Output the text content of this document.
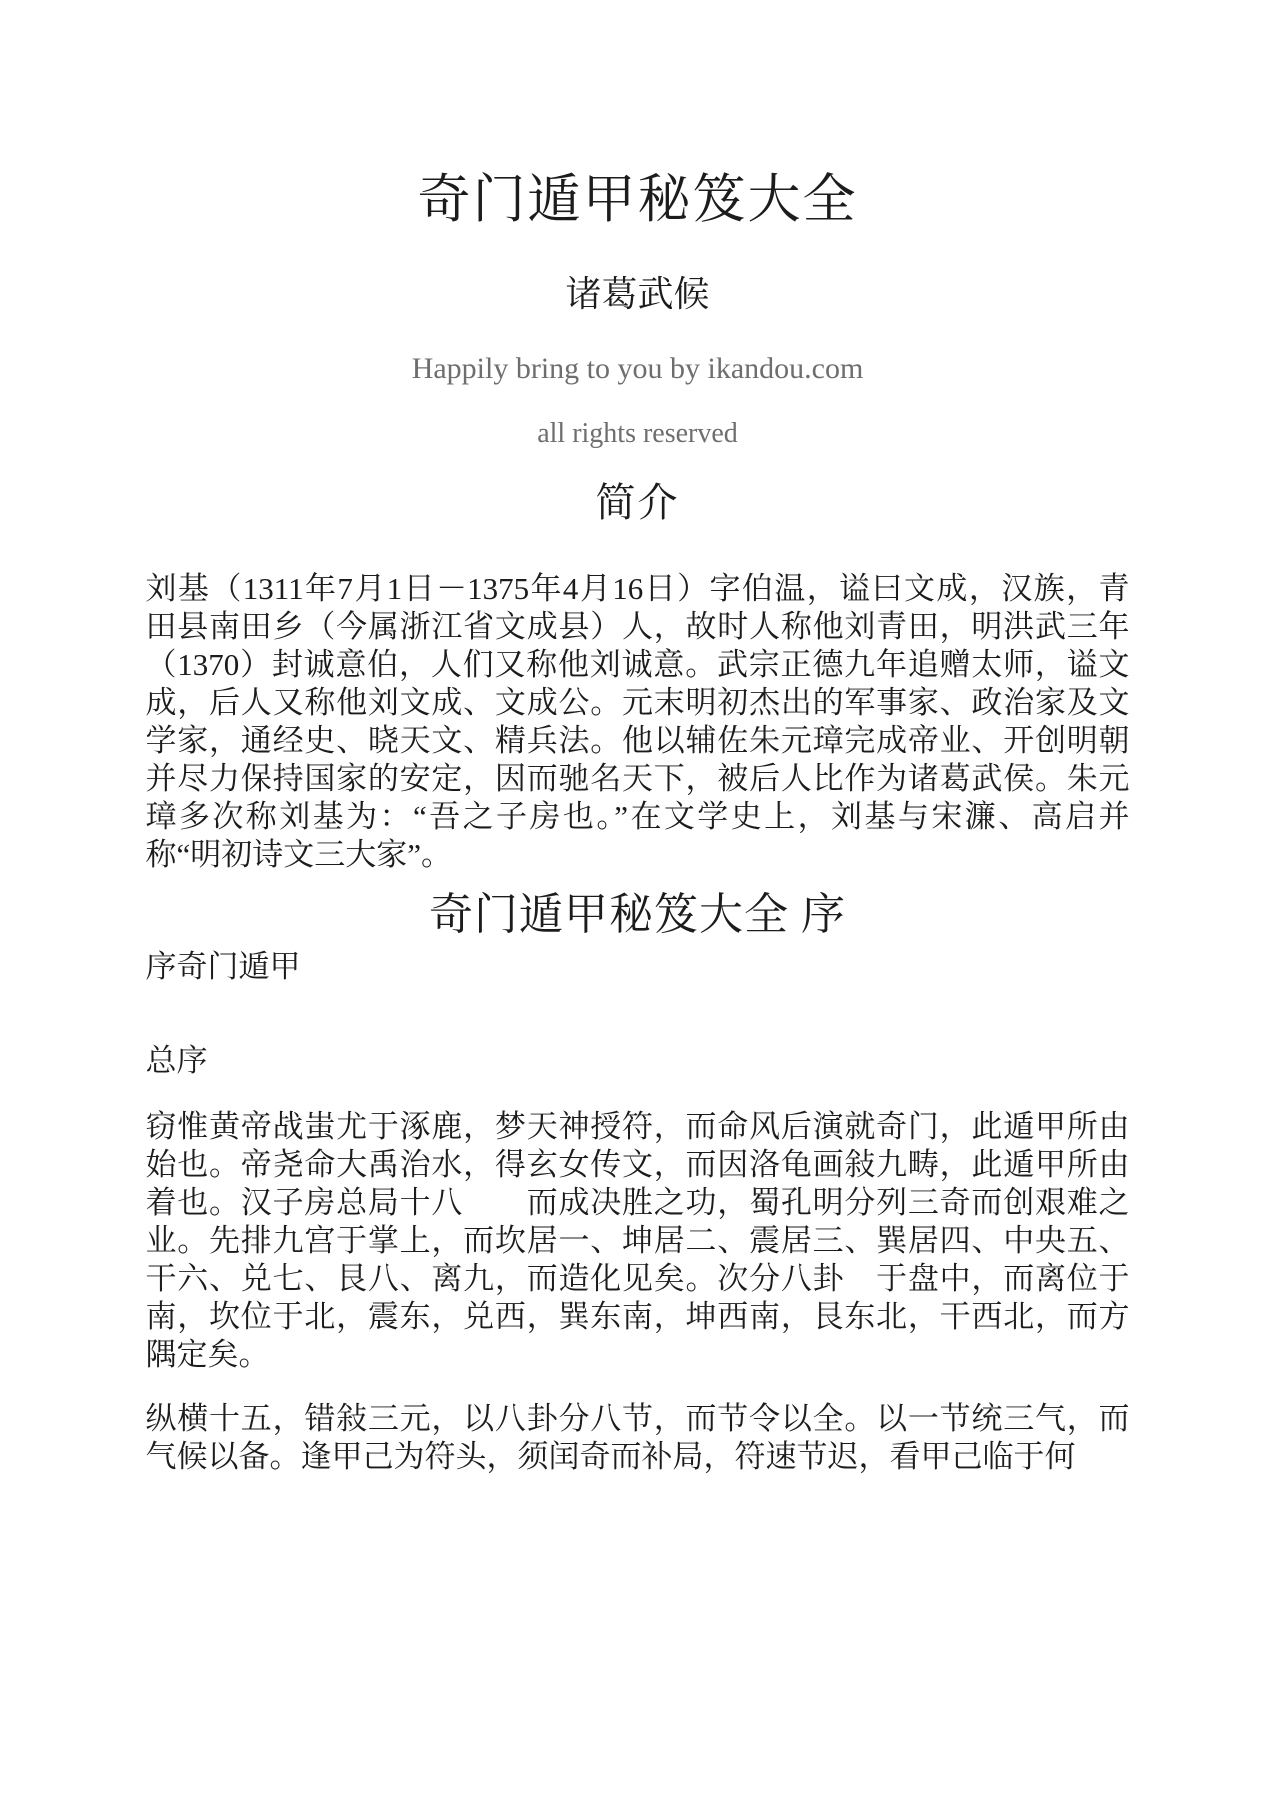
奇门遁甲秘笈大全
诸葛武候
Happily bring to you by ikandou.com
all rights reserved
简介
刘基（1311年7月1日－1375年4月16日）字伯温，谥曰文成，汉族，青
田县南田乡（今属浙江省文成县）人，故时人称他刘青田，明洪武三年
（1370）封诚意伯，人们又称他刘诚意。武宗正德九年追赠太师，谥文
成，后人又称他刘文成、文成公。元末明初杰出的军事家、政治家及文
学家，通经史、晓天文、精兵法。他以辅佐朱元璋完成帝业、开创明朝
并尽力保持国家的安定，因而驰名天下，被后人比作为诸葛武侯。朱元
璋多次称刘基为：“吾之子房也。”在文学史上，刘基与宋濂、高启并
称“明初诗文三大家”。
奇门遁甲秘笈大全 序
序奇门遁甲
总序
窃惟黄帝战蚩尤于涿鹿，梦天神授符，而命风后演就奇门，此遁甲所由
始也。帝尧命大禹治水，得玄女传文，而因洛龟画敍九畴，此遁甲所由
着也。汉子房总局十八　　而成决胜之功，蜀孔明分列三奇而创艰难之
业。先排九宫于掌上，而坎居一、坤居二、震居三、巽居四、中央五、
干六、兑七、艮八、离九，而造化见矣。次分八卦　于盘中，而离位于
南，坎位于北，震东，兑西，巽东南，坤西南，艮东北，干西北，而方
隅定矣。
纵横十五，错敍三元，以八卦分八节，而节令以全。以一节统三气，而
气候以备。逢甲己为符头，须闰奇而补局，符速节迟，看甲己临于何
